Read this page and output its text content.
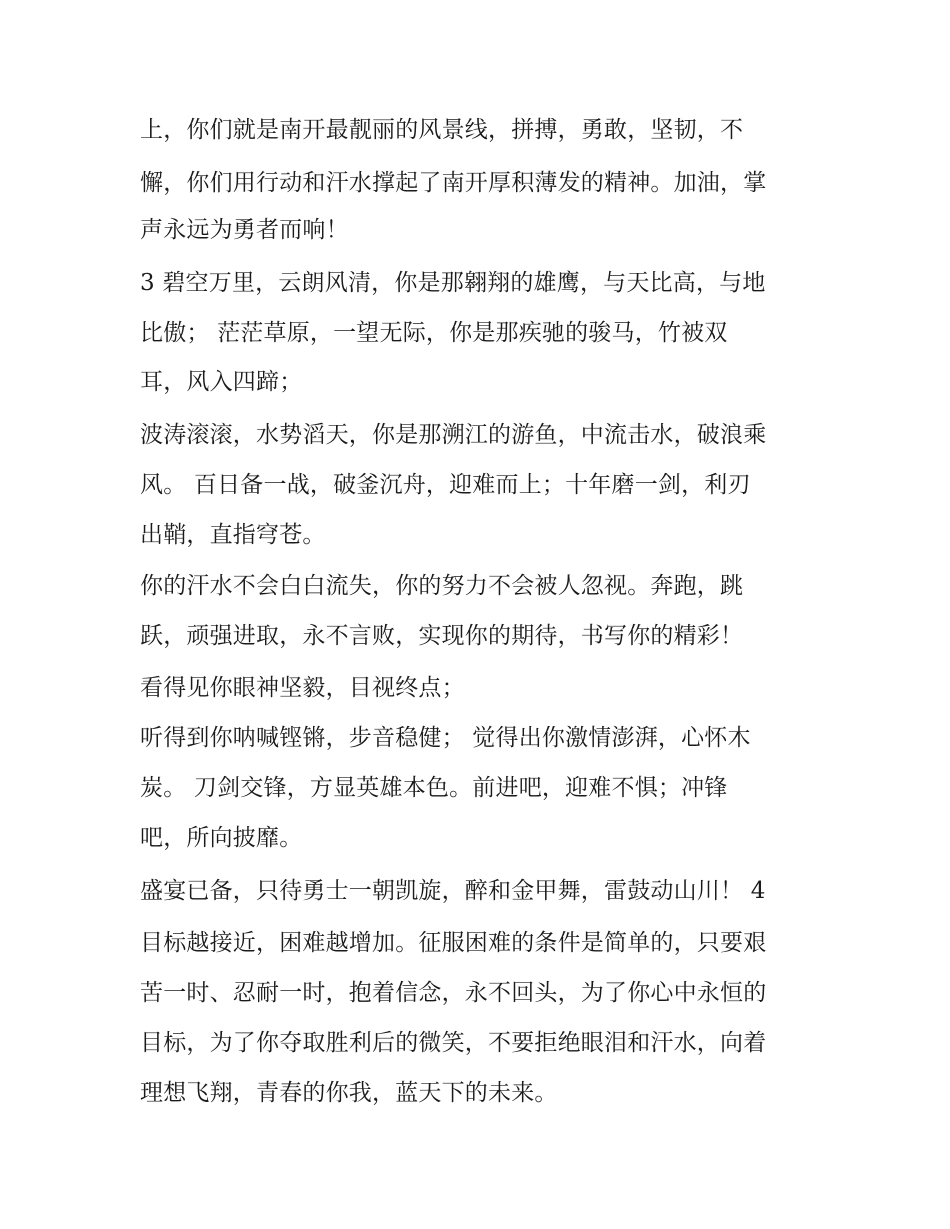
上，你们就是南开最靓丽的风景线，拼搏，勇敢，坚韧，不
懈，你们用行动和汗水撑起了南开厚积薄发的精神。加油，掌
声永远为勇者而响！
3 碧空万里，云朗风清，你是那翱翔的雄鹰，与天比高，与地
比傲； 茫茫草原，一望无际，你是那疾驰的骏马，竹被双
耳，风入四蹄；
波涛滚滚，水势滔天，你是那溯江的游鱼，中流击水，破浪乘
风。 百日备一战，破釜沉舟，迎难而上；十年磨一剑，利刃
出鞘，直指穹苍。
你的汗水不会白白流失，你的努力不会被人忽视。奔跑，跳
跃，顽强进取，永不言败，实现你的期待，书写你的精彩！
看得见你眼神坚毅，目视终点；
听得到你呐喊铿锵，步音稳健； 觉得出你激情澎湃，心怀木
炭。 刀剑交锋，方显英雄本色。前进吧，迎难不惧；冲锋
吧，所向披靡。
盛宴已备，只待勇士一朝凯旋，醉和金甲舞，雷鼓动山川！ 4
目标越接近，困难越增加。征服困难的条件是简单的，只要艰
苦一时、忍耐一时，抱着信念，永不回头，为了你心中永恒的
目标，为了你夺取胜利后的微笑，不要拒绝眼泪和汗水，向着
理想飞翔，青春的你我，蓝天下的未来。
